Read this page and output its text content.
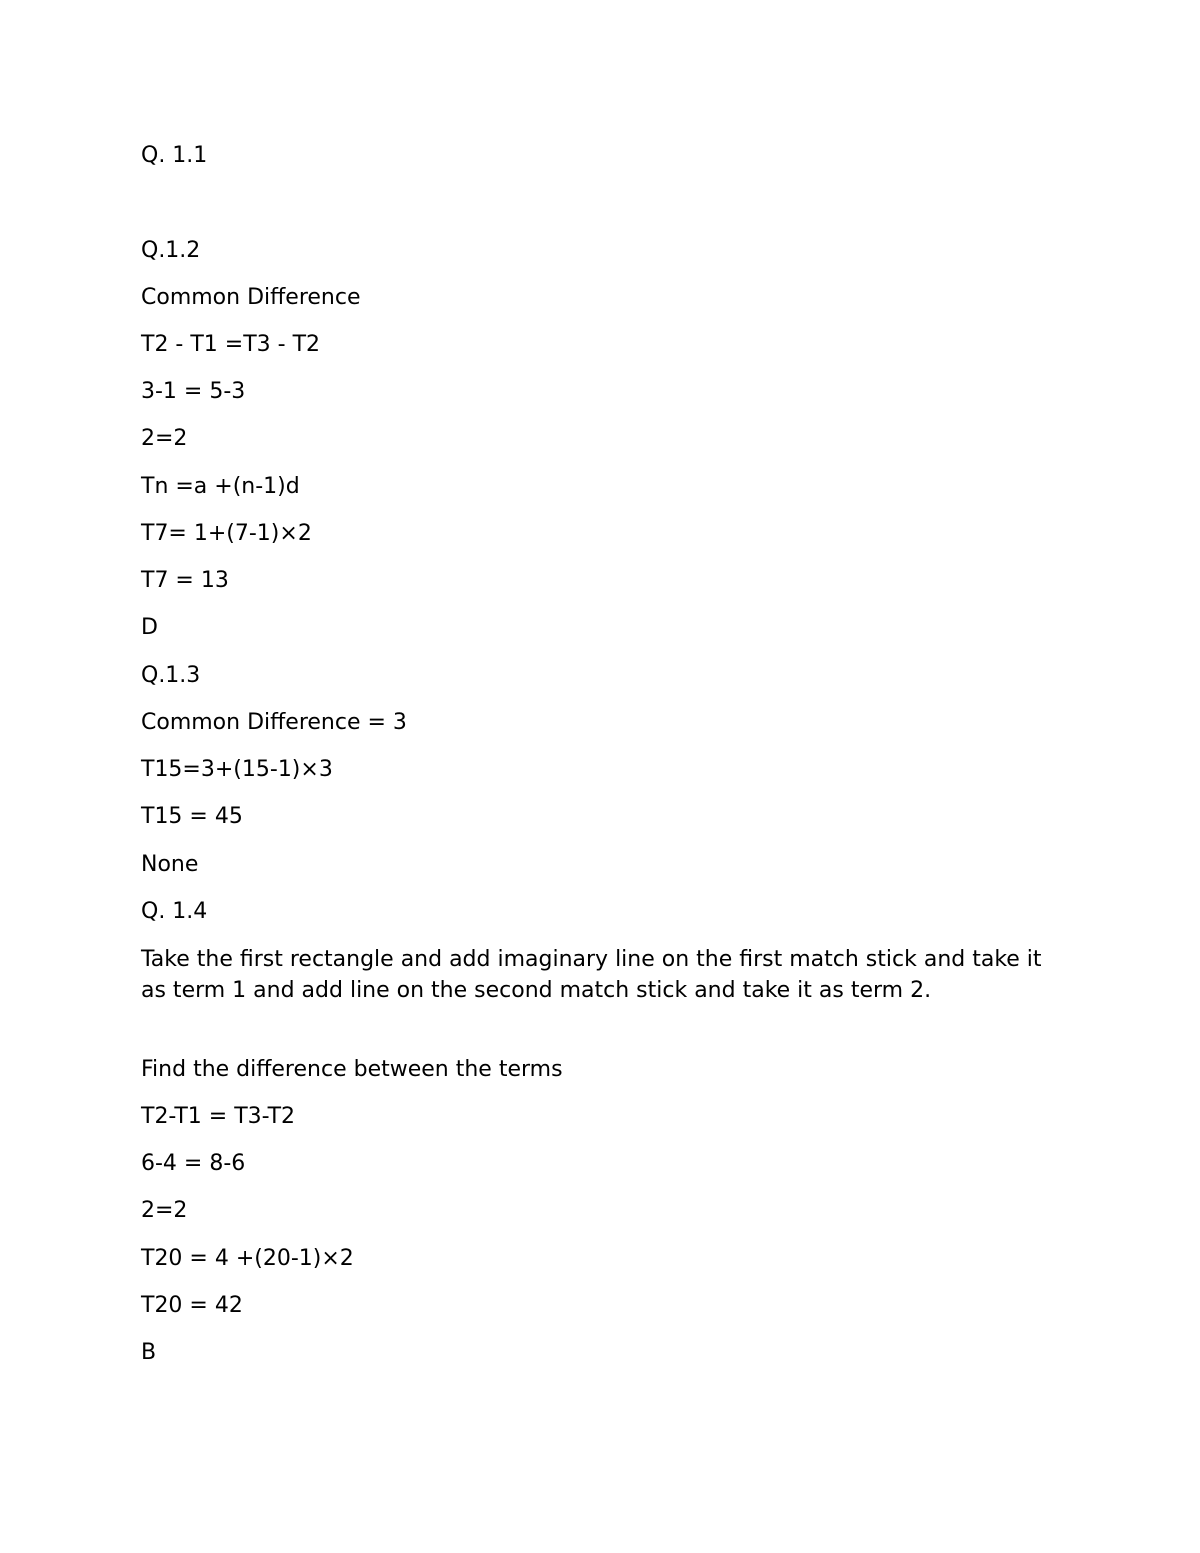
Q. 1.1

Q.1.2

Common Difference

T2 - T1 =T3 - T2

3-1 = 5-3

2=2

Tn =a +(n-1)d

T7= 1+(7-1)×2

T7 = 13

D

Q.1.3

Common Difference = 3

T15=3+(15-1)×3

T15 = 45

None

Q. 1.4

Take the first rectangle and add imaginary line on the first match stick and take it as term 1 and add line on the second match stick and take it as term 2.

Find the difference between the terms

T2-T1 = T3-T2

6-4 = 8-6

2=2

T20 = 4 +(20-1)×2

T20 = 42

B
